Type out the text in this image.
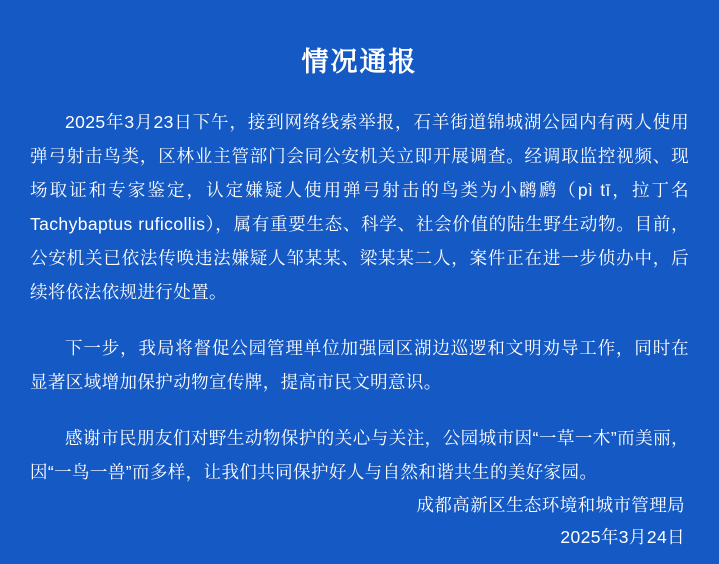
情况通报

2025年3月23日下午，接到网络线索举报，石羊街道锦城湖公园内有两人使用弹弓射击鸟类，区林业主管部门会同公安机关立即开展调查。经调取监控视频、现场取证和专家鉴定，认定嫌疑人使用弹弓射击的鸟类为小䴙䴘（pì tī，拉丁名Tachybaptus ruficollis），属有重要生态、科学、社会价值的陆生野生动物。目前，公安机关已依法传唤违法嫌疑人邹某某、梁某某二人，案件正在进一步侦办中，后续将依法依规进行处置。

下一步，我局将督促公园管理单位加强园区湖边巡逻和文明劝导工作，同时在显著区域增加保护动物宣传牌，提高市民文明意识。

感谢市民朋友们对野生动物保护的关心与关注，公园城市因“一草一木”而美丽，因“一鸟一兽”而多样，让我们共同保护好人与自然和谐共生的美好家园。

成都高新区生态环境和城市管理局
2025年3月24日
